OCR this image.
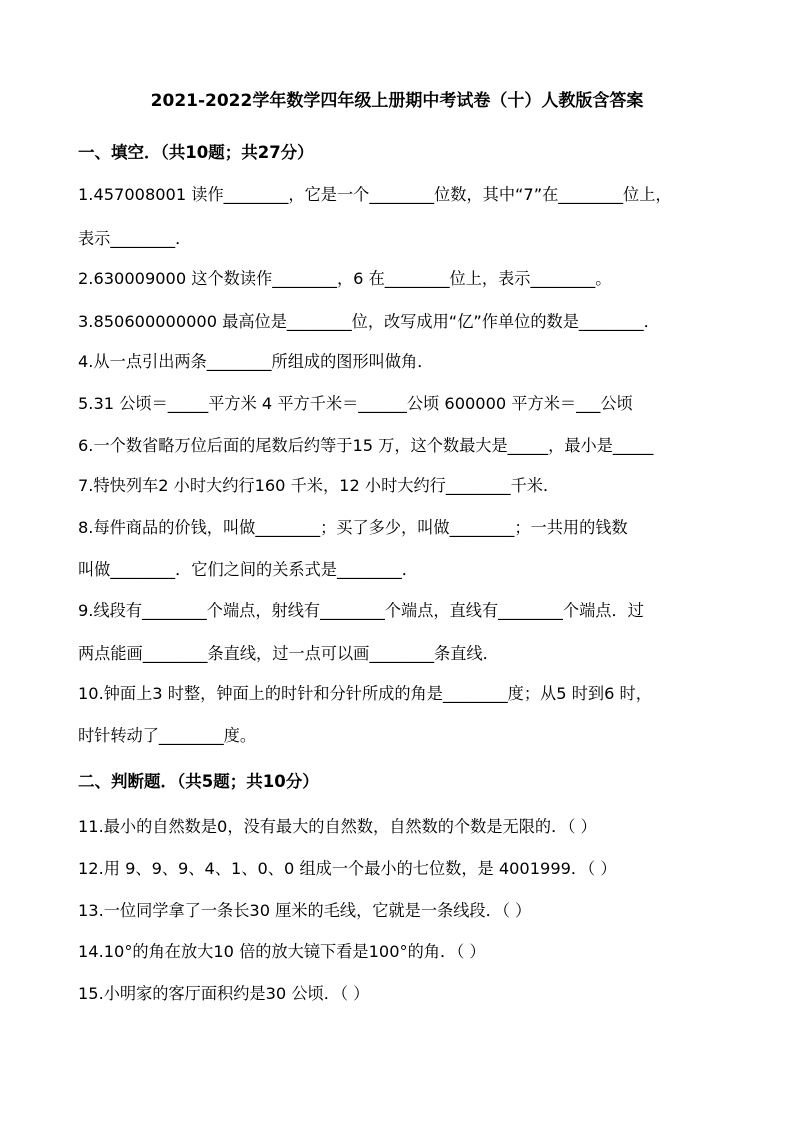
2021-2022学年数学四年级上册期中考试卷（十）人教版含答案
一、填空．（共10题；共27分）
1.457008001 读作________，它是一个________位数，其中“7”在________位上，
表示________．
2.630009000 这个数读作________，6 在________位上，表示________。
3.850600000000 最高位是________位，改写成用“亿”作单位的数是________．
4.从一点引出两条________所组成的图形叫做角．
5.31 公顷＝_____平方米 4 平方千米＝______公顷 600000 平方米＝___公顷
6.一个数省略万位后面的尾数后约等于15 万，这个数最大是_____，最小是_____
7.特快列车2 小时大约行160 千米，12 小时大约行________千米．
8.每件商品的价钱，叫做________；买了多少，叫做________；一共用的钱数
叫做________．它们之间的关系式是________．
9.线段有________个端点，射线有________个端点，直线有________个端点．过
两点能画________条直线，过一点可以画________条直线．
10.钟面上3 时整，钟面上的时针和分针所成的角是________度；从5 时到6 时，
时针转动了________度。
二、判断题．（共5题；共10分）
11.最小的自然数是0，没有最大的自然数，自然数的个数是无限的．（ ）
12.用 9、9、9、4、1、0、0 组成一个最小的七位数，是 4001999．（ ）
13.一位同学拿了一条长30 厘米的毛线，它就是一条线段．（ ）
14.10°的角在放大10 倍的放大镜下看是100°的角．（ ）
15.小明家的客厅面积约是30 公顷．（ ）
